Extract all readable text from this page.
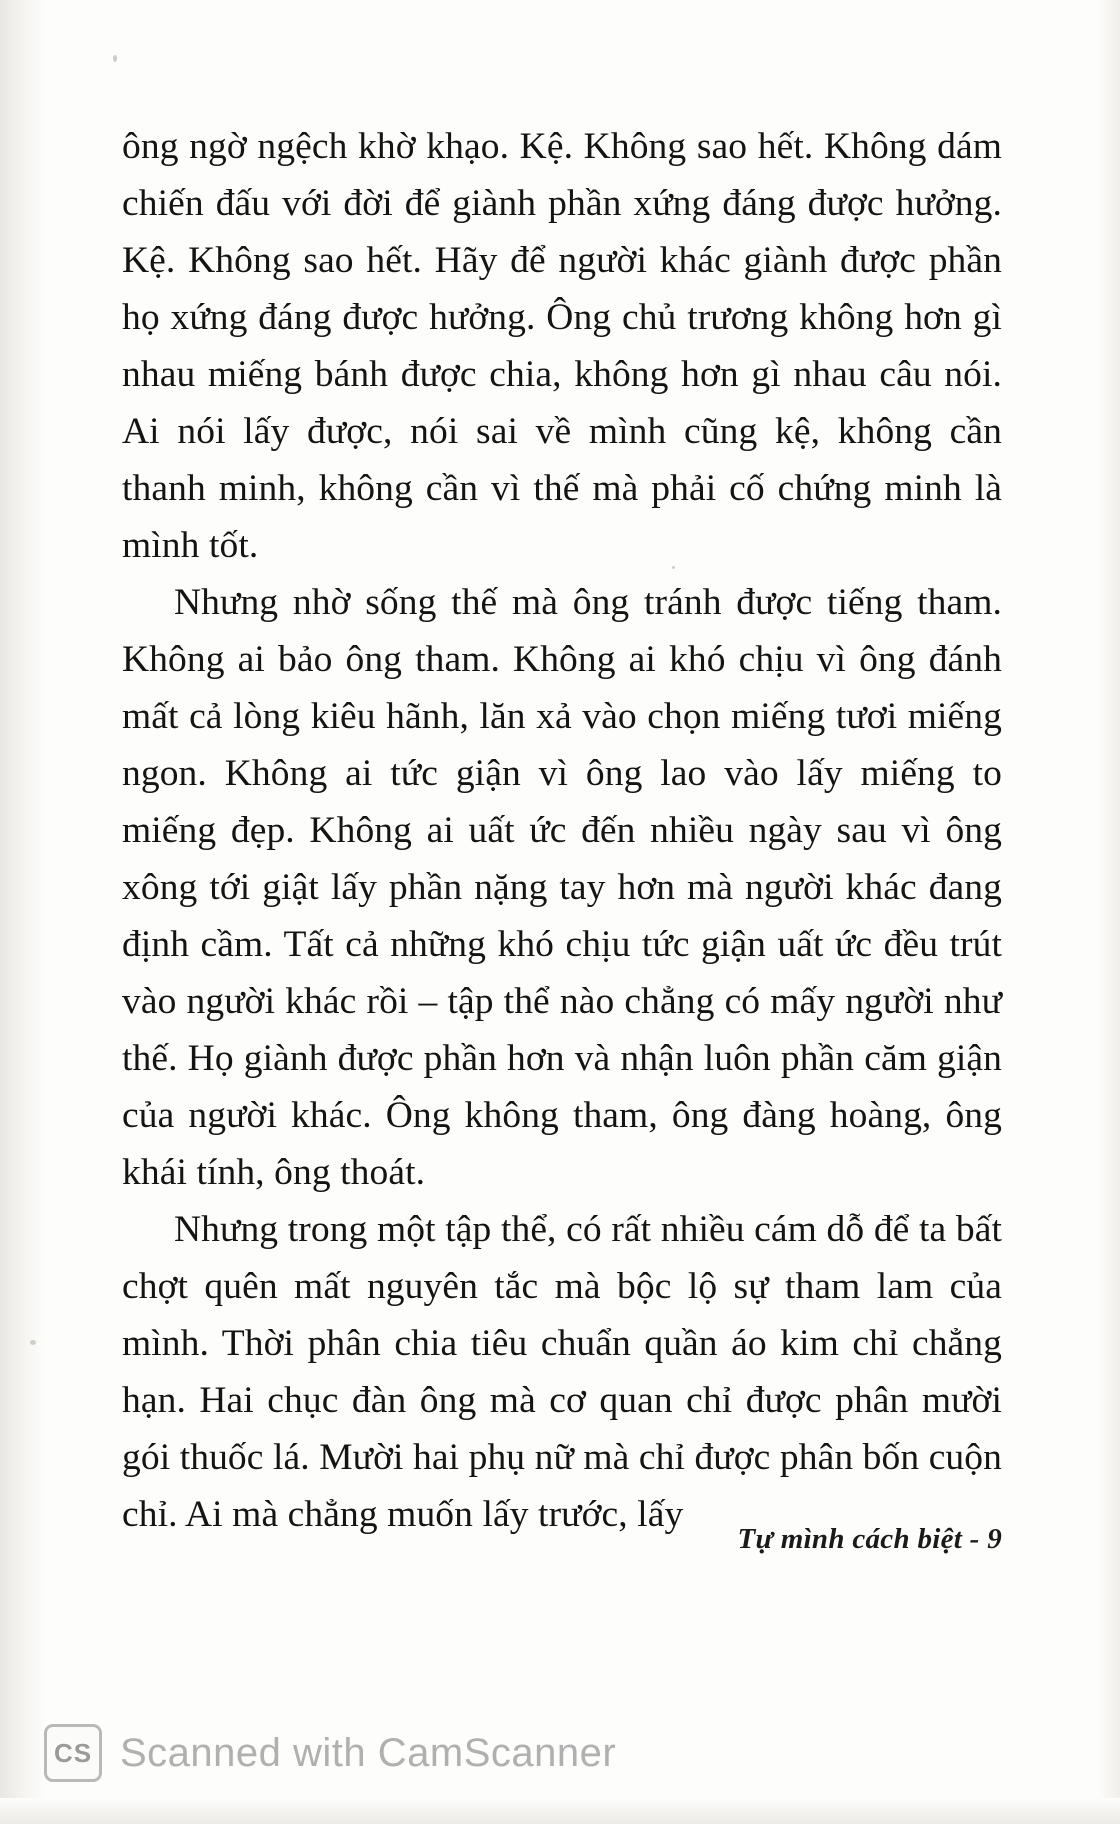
ông ngờ ngệch khờ khạo. Kệ. Không sao hết. Không dám chiến đấu với đời để giành phần xứng đáng được hưởng. Kệ. Không sao hết. Hãy để người khác giành được phần họ xứng đáng được hưởng. Ông chủ trương không hơn gì nhau miếng bánh được chia, không hơn gì nhau câu nói. Ai nói lấy được, nói sai về mình cũng kệ, không cần thanh minh, không cần vì thế mà phải cố chứng minh là mình tốt.

Nhưng nhờ sống thế mà ông tránh được tiếng tham. Không ai bảo ông tham. Không ai khó chịu vì ông đánh mất cả lòng kiêu hãnh, lăn xả vào chọn miếng tươi miếng ngon. Không ai tức giận vì ông lao vào lấy miếng to miếng đẹp. Không ai uất ức đến nhiều ngày sau vì ông xông tới giật lấy phần nặng tay hơn mà người khác đang định cầm. Tất cả những khó chịu tức giận uất ức đều trút vào người khác rồi – tập thể nào chẳng có mấy người như thế. Họ giành được phần hơn và nhận luôn phần căm giận của người khác. Ông không tham, ông đàng hoàng, ông khái tính, ông thoát.

Nhưng trong một tập thể, có rất nhiều cám dỗ để ta bất chợt quên mất nguyên tắc mà bộc lộ sự tham lam của mình. Thời phân chia tiêu chuẩn quần áo kim chỉ chẳng hạn. Hai chục đàn ông mà cơ quan chỉ được phân mười gói thuốc lá. Mười hai phụ nữ mà chỉ được phân bốn cuộn chỉ. Ai mà chẳng muốn lấy trước, lấy

Tự mình cách biệt - 9
CS Scanned with CamScanner
